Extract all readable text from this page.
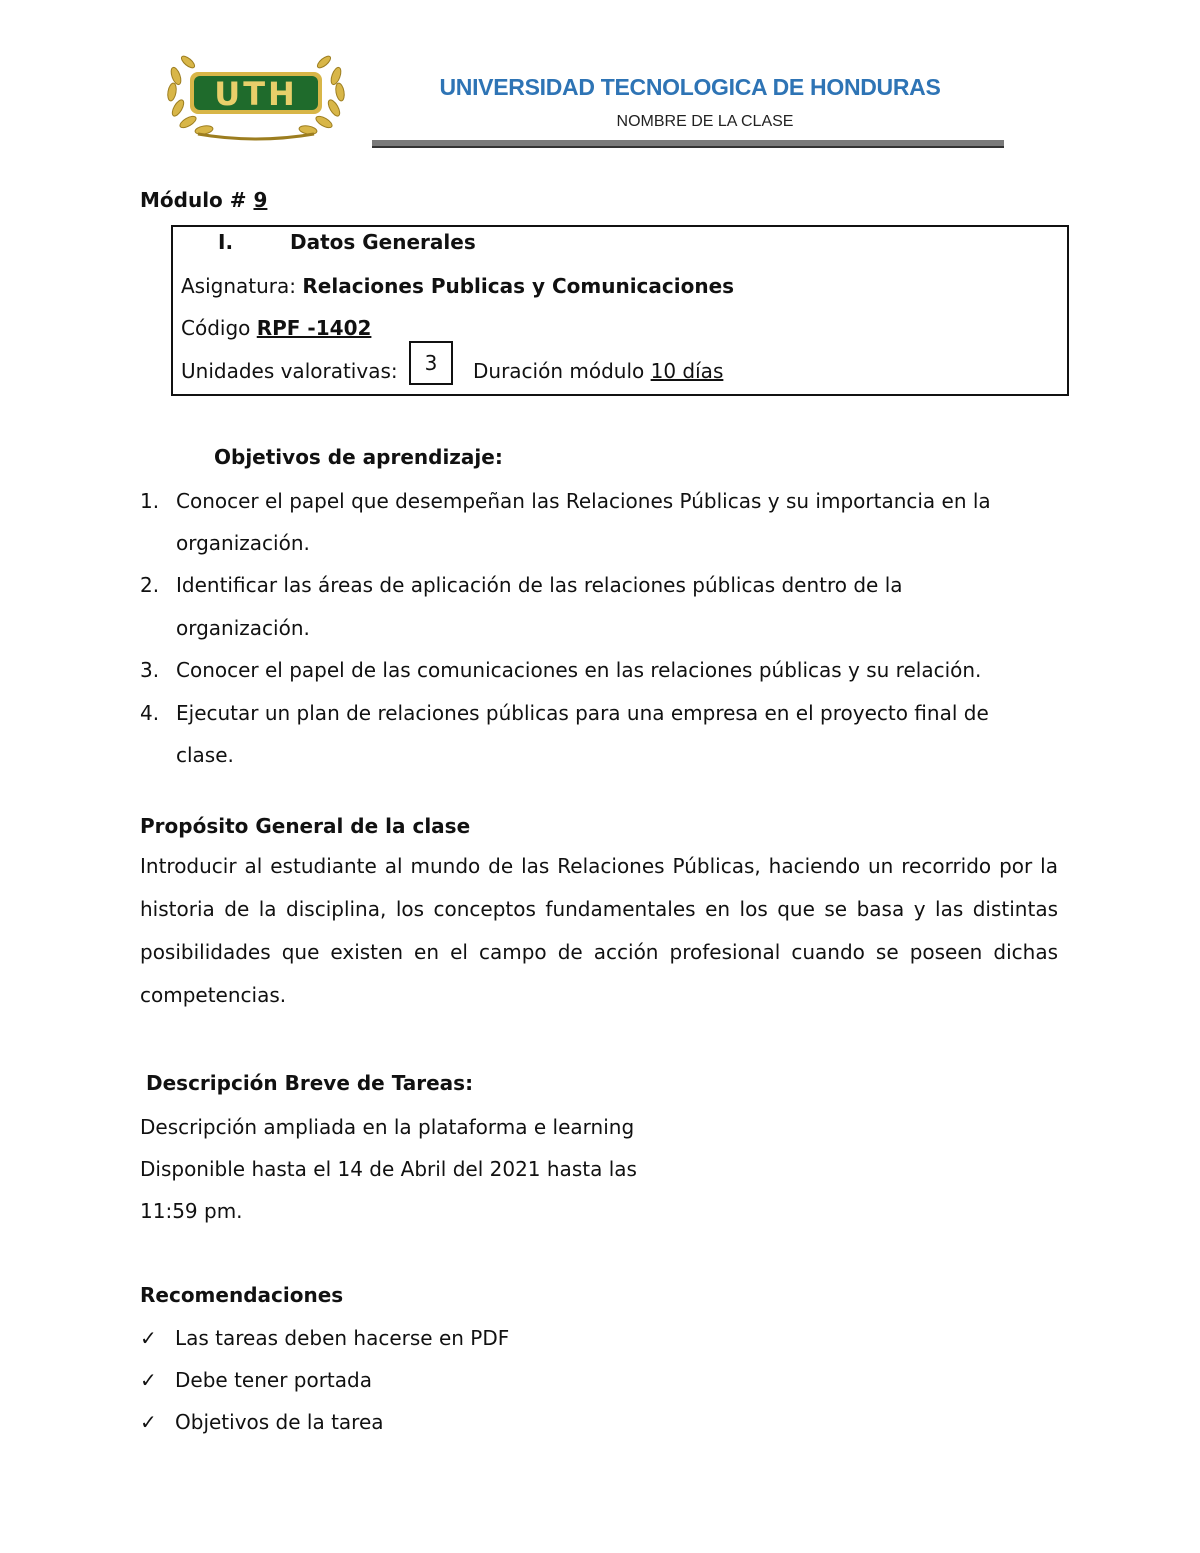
UTH	UNIVERSIDAD TECNOLOGICA DE HONDURAS
NOMBRE DE LA CLASE
Módulo # 9
I.	Datos Generales
Asignatura: Relaciones Publicas y Comunicaciones
Código RPF -1402
Unidades valorativas:	3	Duración módulo 10 días
Objetivos de aprendizaje:
1. Conocer el papel que desempeñan las Relaciones Públicas y su importancia en la
organización.
2. Identificar las áreas de aplicación de las relaciones públicas dentro de la
organización.
3. Conocer el papel de las comunicaciones en las relaciones públicas y su relación.
4. Ejecutar un plan de relaciones públicas para una empresa en el proyecto final de
clase.
Propósito General de la clase
Introducir al estudiante al mundo de las Relaciones Públicas, haciendo un recorrido por la historia de la disciplina, los conceptos fundamentales en los que se basa y las distintas posibilidades que existen en el campo de acción profesional cuando se poseen dichas competencias.
Descripción Breve de Tareas:
Descripción ampliada en la plataforma e learning
Disponible hasta el 14 de Abril del 2021 hasta las
11:59 pm.
Recomendaciones
✓ Las tareas deben hacerse en PDF
✓ Debe tener portada
✓ Objetivos de la tarea
